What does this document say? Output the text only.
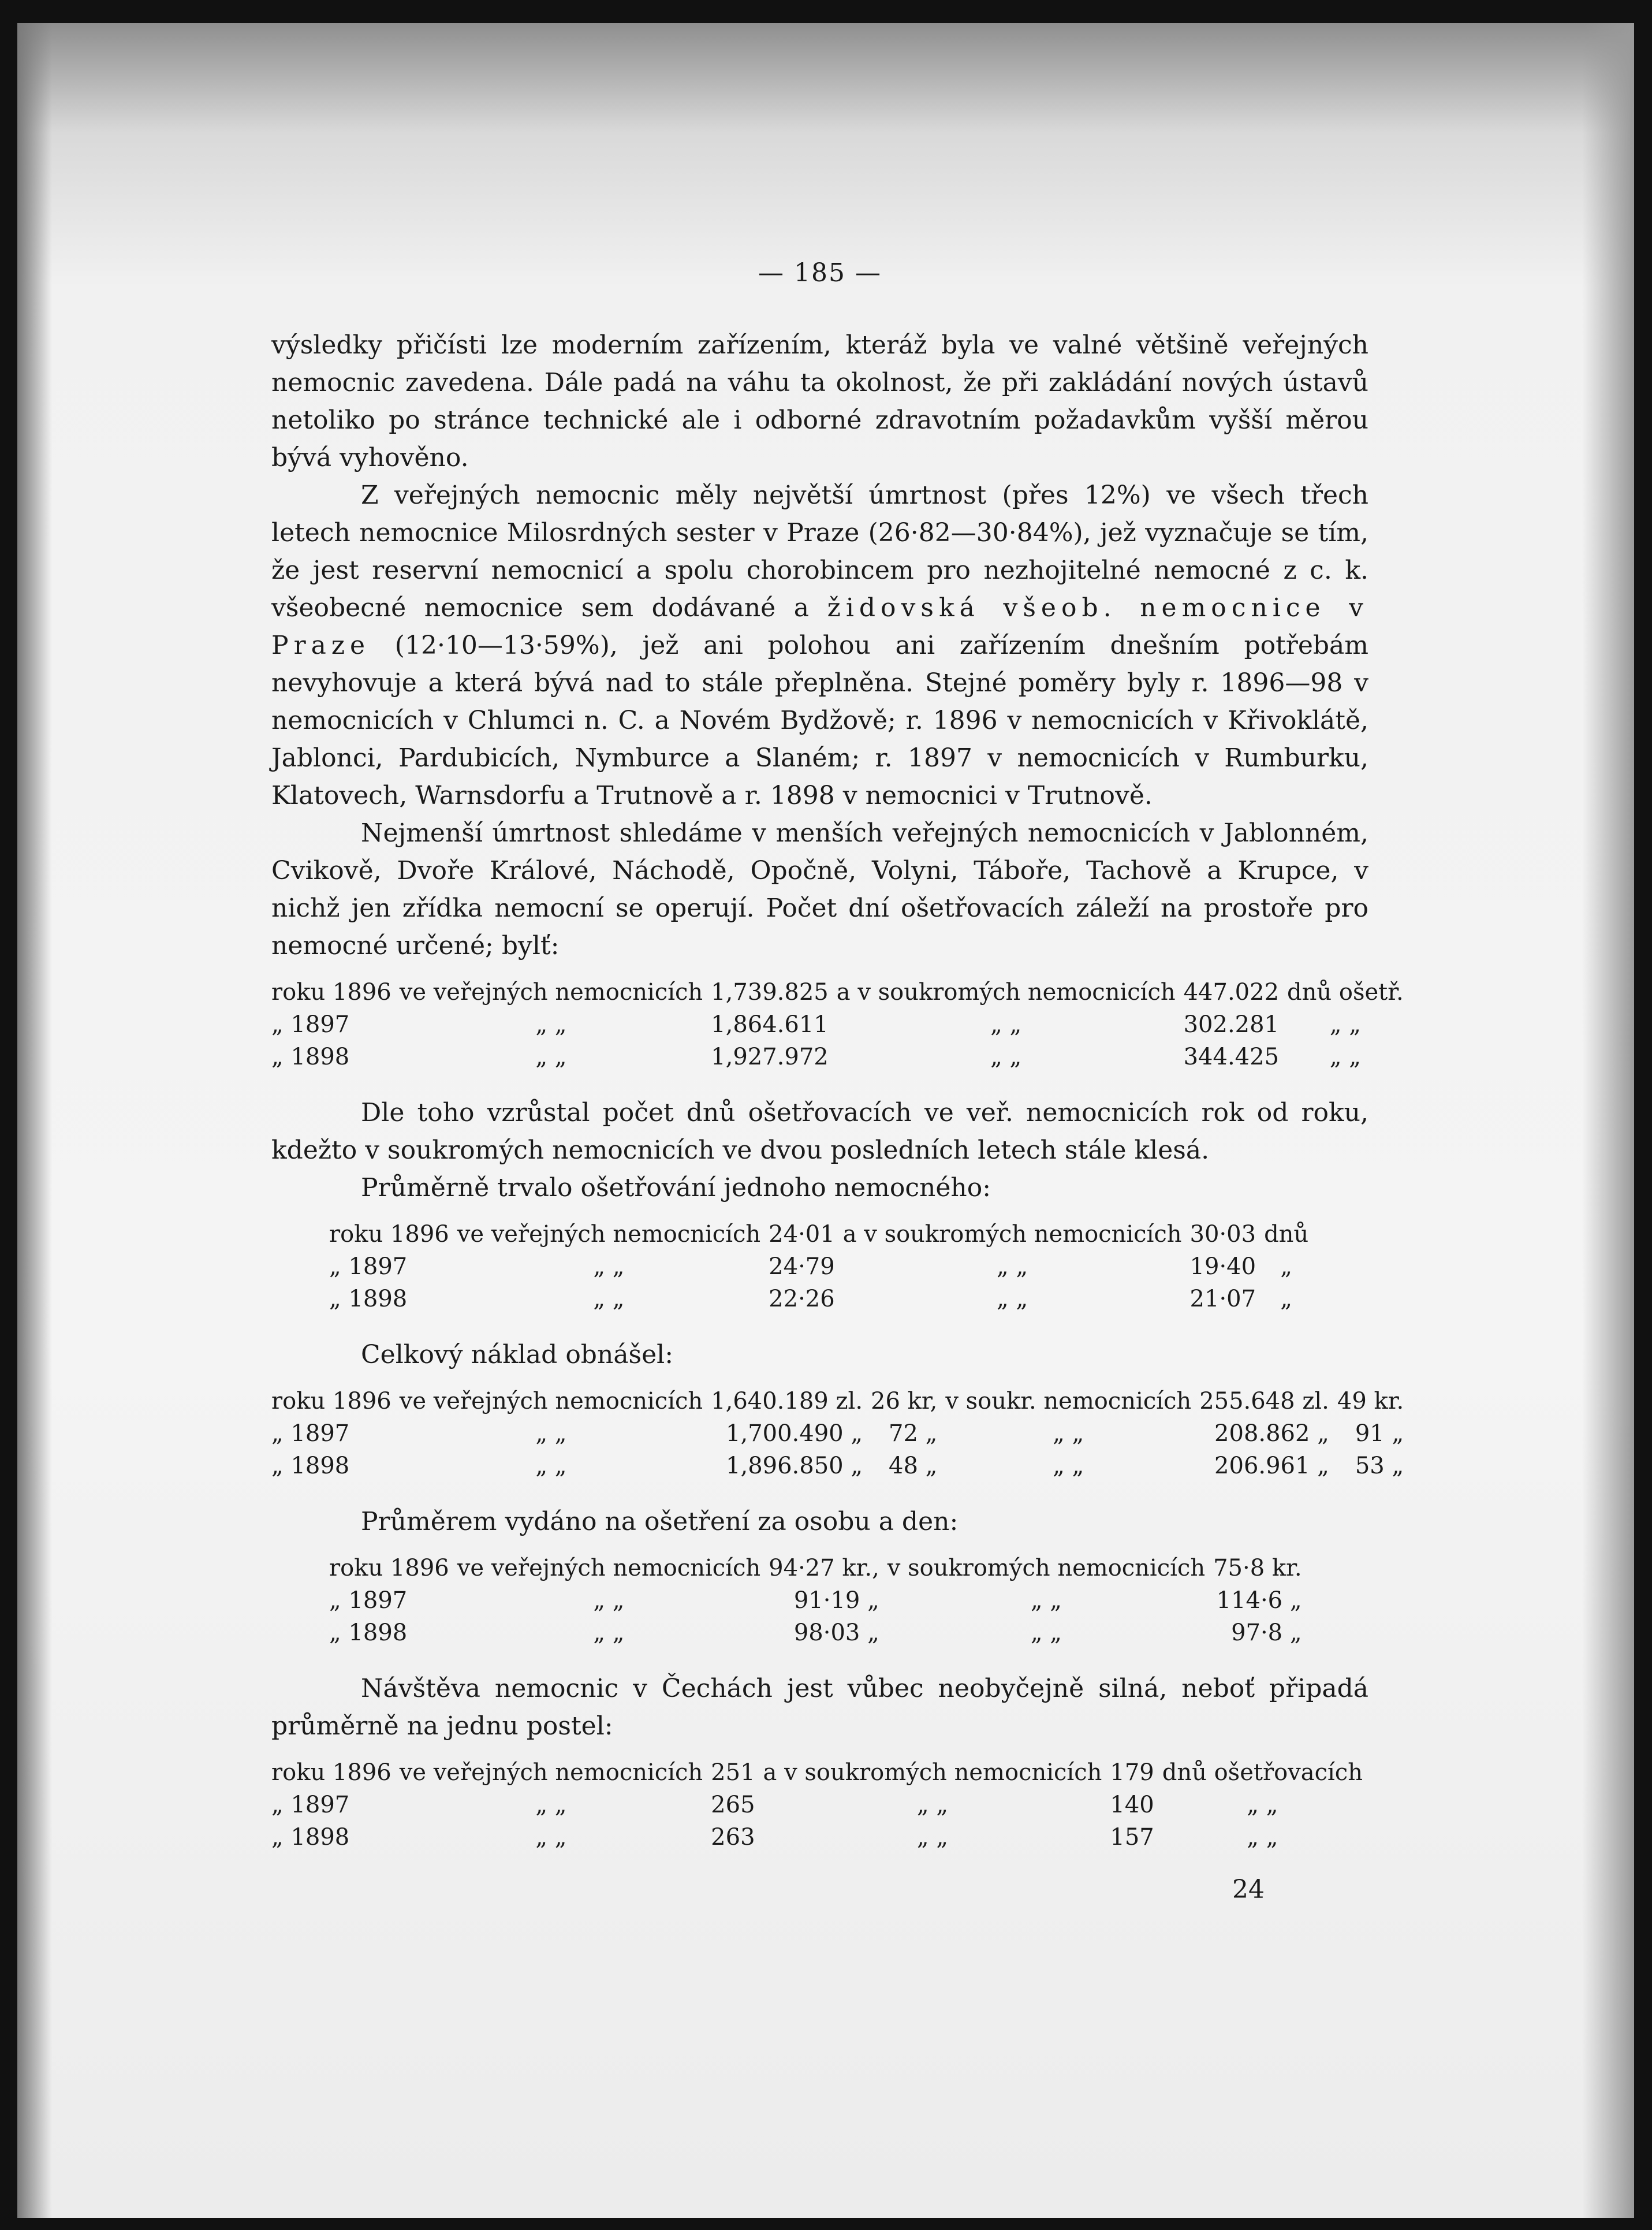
— 185 —

výsledky přičísti lze moderním zařízením, kteráž byla ve valné většině veřejných nemocnic zavedena. Dále padá na váhu ta okolnost, že při zakládání nových ústavů netoliko po stránce technické ale i odborné zdravotním požadavkům vyšší měrou bývá vyhověno.

Z veřejných nemocnic měly největší úmrtnost (přes 12%) ve všech třech letech nemocnice Milosrdných sester v Praze (26·82—30·84%), jež vyznačuje se tím, že jest reservní nemocnicí a spolu chorobincem pro nezhojitelné nemocné z c. k. všeobecné nemocnice sem dodávané a židovská všeob. nemocnice v Praze (12·10—13·59%), jež ani polohou ani zařízením dnešním potřebám nevyhovuje a která bývá nad to stále přeplněna. Stejné poměry byly r. 1896—98 v nemocnicích v Chlumci n. C. a Novém Bydžově; r. 1896 v nemocnicích v Křivoklátě, Jablonci, Pardubicích, Nymburce a Slaném; r. 1897 v nemocnicích v Rumburku, Klatovech, Warnsdorfu a Trutnově a r. 1898 v nemocnici v Trutnově.

Nejmenší úmrtnost shledáme v menších veřejných nemocnicích v Jablonném, Cvikově, Dvoře Králové, Náchodě, Opočně, Volyni, Táboře, Tachově a Krupce, v nichž jen zřídka nemocní se operují. Počet dní ošetřovacích záleží na prostoře pro nemocné určené; bylť:

roku 1896	ve veřejných nemocnicích	1,739.825	a v soukromých nemocnicích	447.022	dnů ošetř.
„ 1897	„ „	1,864.611	„ „	302.281	„ „
„ 1898	„ „	1,927.972	„ „	344.425	„ „

Dle toho vzrůstal počet dnů ošetřovacích ve veř. nemocnicích rok od roku, kdežto v soukromých nemocnicích ve dvou posledních letech stále klesá.

Průměrně trvalo ošetřování jednoho nemocného:

roku 1896	ve veřejných nemocnicích	24·01	a v soukromých nemocnicích	30·03	dnů
„ 1897	„ „	24·79	„ „	19·40	„
„ 1898	„ „	22·26	„ „	21·07	„

Celkový náklad obnášel:

roku 1896	ve veřejných nemocnicích	1,640.189 zl.	26 kr,	v soukr. nemocnicích	255.648 zl.	49 kr.
„ 1897	„ „	1,700.490 „	72 „	„ „	208.862 „	91 „
„ 1898	„ „	1,896.850 „	48 „	„ „	206.961 „	53 „

Průměrem vydáno na ošetření za osobu a den:

roku 1896	ve veřejných nemocnicích	94·27 kr.,	v soukromých nemocnicích	75·8 kr.
„ 1897	„ „	91·19 „	„ „	114·6 „
„ 1898	„ „	98·03 „	„ „	97·8 „

Návštěva nemocnic v Čechách jest vůbec neobyčejně silná, neboť připadá průměrně na jednu postel:

roku 1896	ve veřejných nemocnicích	251	a v soukromých nemocnicích	179	dnů ošetřovacích
„ 1897	„ „	265	„ „	140	„ „
„ 1898	„ „	263	„ „	157	„ „
24
